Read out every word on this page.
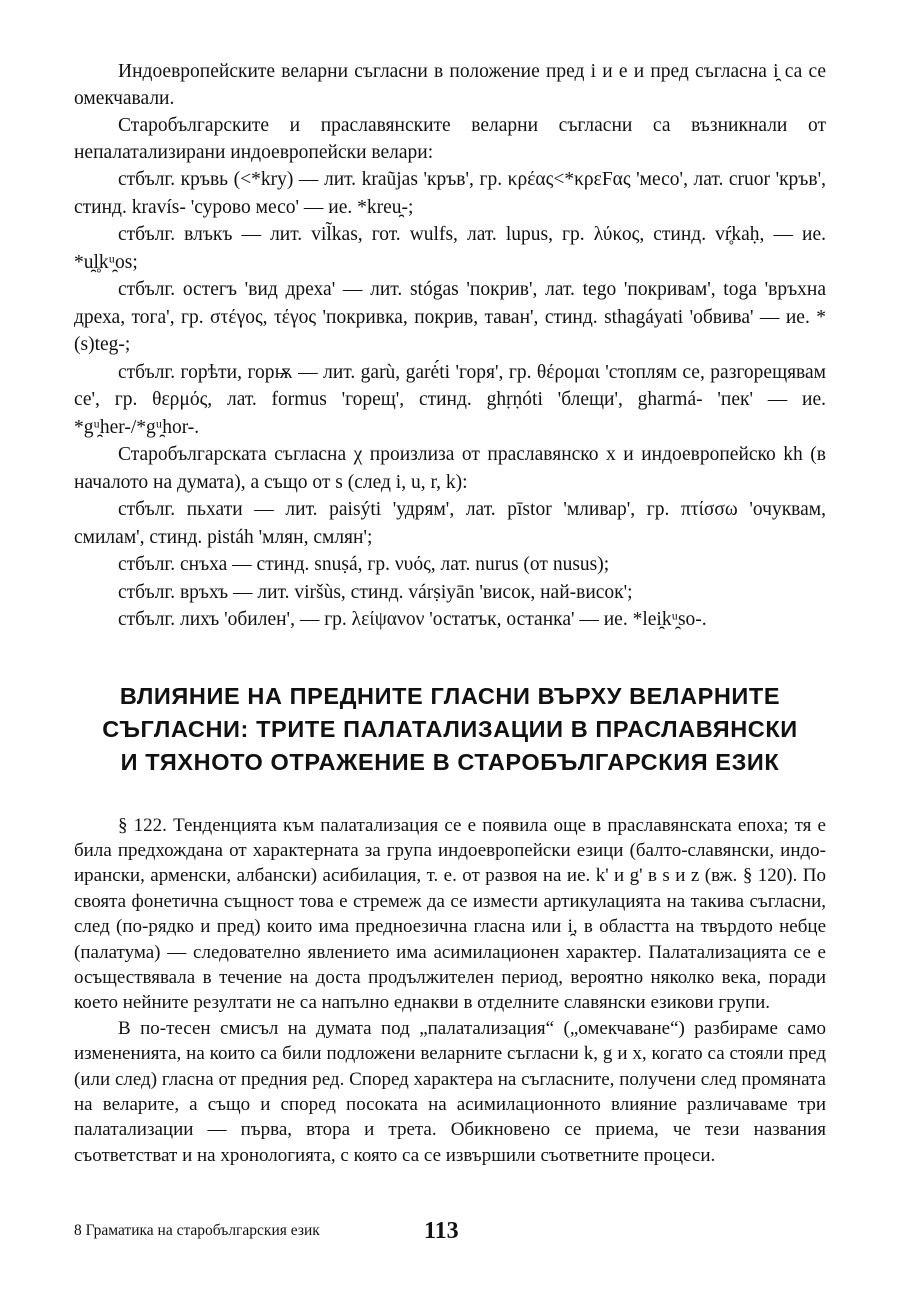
Индоевропейските веларни съгласни в положение пред i и e и пред съгласна i̯ са се омекчавали.

Старобългарските и праславянските веларни съгласни са възникнали от непалатализирани индоевропейски велари:

стбълг. кръвь (<*kry) — лит. kraũjas 'кръв', гр. κρέας<*κρεϜας 'месо', лат. cruor 'кръв', стинд. kravís- 'сурово месо' — ие. *kreu̯-;

стбълг. влъкъ — лит. vil̃kas, гот. wulfs, лат. lupus, гр. λύκος, стинд. vŕ̥kaḥ, — ие. *u̯l̥kᵘ̯os;

стбълг. остегъ 'вид дреха' — лит. stógas 'покрив', лат. tego 'покривам', toga 'връхна дреха, тога', гр. στέγος, τέγος 'покривка, покрив, таван', стинд. sthagáyati 'обвива' — ие. *(s)teg-;

стбълг. горѣти, горѭ — лит. garù, garė́ti 'горя', гр. θέρομαι 'стоплям се, разгорещявам се', гр. θερμός, лат. formus 'горещ', стинд. ghṛṇóti 'блещи', gharmá- 'пек' — ие. *gᵘ̯her-/*gᵘ̯hor-.

Старобългарската съгласна χ произлиза от праславянско x и индоевропейско kh (в началото на думата), а също от s (след i, u, r, k):

стбълг. пьхати — лит. paisýti 'удрям', лат. pīstor 'мливар', гр. πτίσσω 'очуквам, смилам', стинд. pistáh 'млян, смлян';

стбълг. снъха — стинд. snuṣá, гр. νυός, лат. nurus (от nusus);

стбълг. връхъ — лит. viršùs, стинд. várṣiyān 'висок, най-висок';

стбълг. лихъ 'обилен', — гр. λείψανον 'остатък, останка' — ие. *lei̯kᵘ̯so-.

ВЛИЯНИЕ НА ПРЕДНИТЕ ГЛАСНИ ВЪРХУ ВЕЛАРНИТЕ
СЪГЛАСНИ: ТРИТЕ ПАЛАТАЛИЗАЦИИ В ПРАСЛАВЯНСКИ
И ТЯХНОТО ОТРАЖЕНИЕ В СТАРОБЪЛГАРСКИЯ ЕЗИК

§ 122. Тенденцията към палатализация се е появила още в праславянската епоха; тя е била предхождана от характерната за група индоевропейски езици (балто-славянски, индо-ирански, арменски, албански) асибилация, т. е. от развоя на ие. k' и g' в s и z (вж. § 120). По своята фонетична същност това е стремеж да се измести артикулацията на такива съгласни, след (по-рядко и пред) които има предноезична гласна или i̯, в областта на твърдото небце (палатума) — следователно явлението има асимилационен характер. Палатализацията се е осъществявала в течение на доста продължителен период, вероятно няколко века, поради което нейните резултати не са напълно еднакви в отделните славянски езикови групи.

В по-тесен смисъл на думата под „палатализация“ („омекчаване“) разбираме само измененията, на които са били подложени веларните съгласни k, g и x, когато са стояли пред (или след) гласна от предния ред. Според характера на съгласните, получени след промяната на веларите, а също и според посоката на асимилационното влияние различаваме три палатализации — първа, втора и трета. Обикновено се приема, че тези названия съответстват и на хронологията, с която са се извършили съответните процеси.

8 Граматика на старобългарския език	113
